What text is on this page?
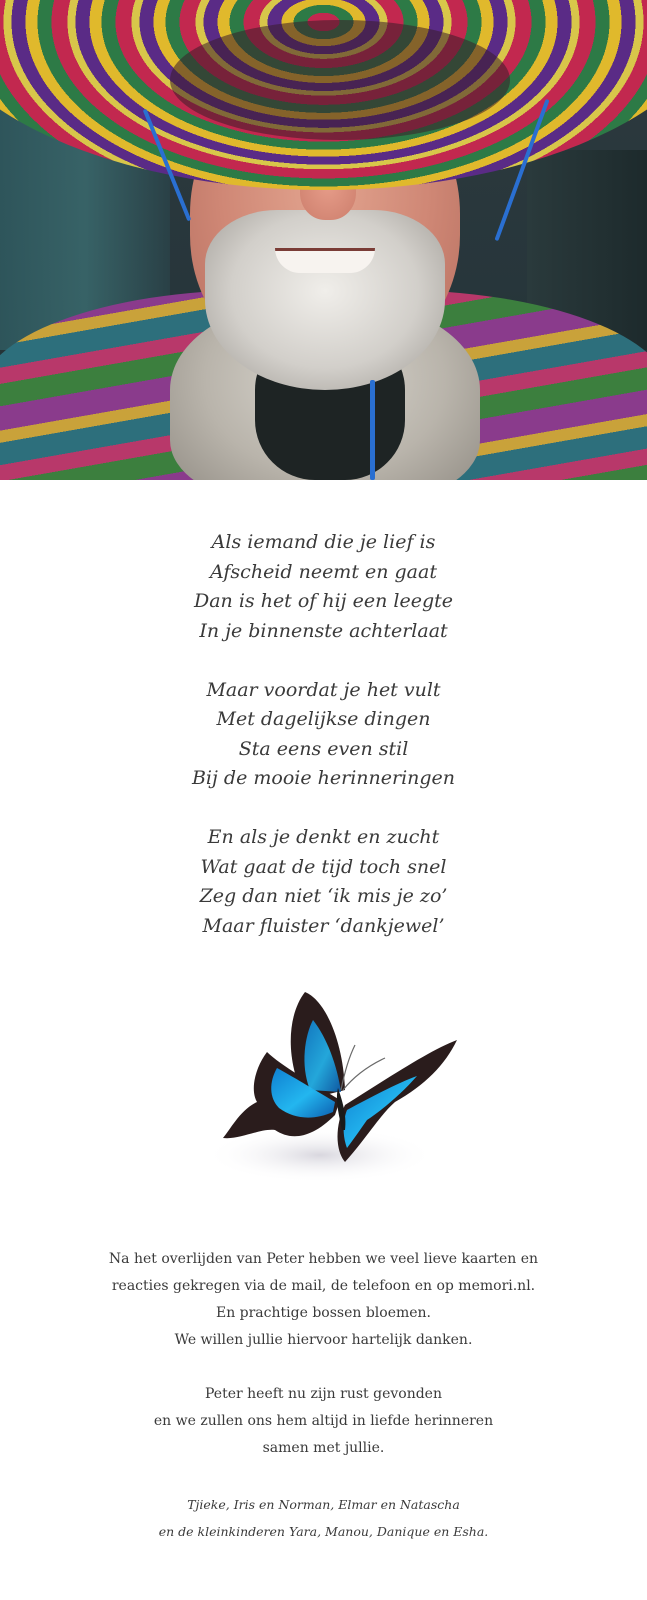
Als iemand die je lief is
Afscheid neemt en gaat
Dan is het of hij een leegte
In je binnenste achterlaat
Maar voordat je het vult
Met dagelijkse dingen
Sta eens even stil
Bij de mooie herinneringen
En als je denkt en zucht
Wat gaat de tijd toch snel
Zeg dan niet ‘ik mis je zo’
Maar fluister ‘dankjewel’
Na het overlijden van Peter hebben we veel lieve kaarten en
reacties gekregen via de mail, de telefoon en op memori.nl.
En prachtige bossen bloemen.
We willen jullie hiervoor hartelijk danken.
Peter heeft nu zijn rust gevonden
en we zullen ons hem altijd in liefde herinneren
samen met jullie.
Tjieke, Iris en Norman, Elmar en Natascha
en de kleinkinderen Yara, Manou, Danique en Esha.
